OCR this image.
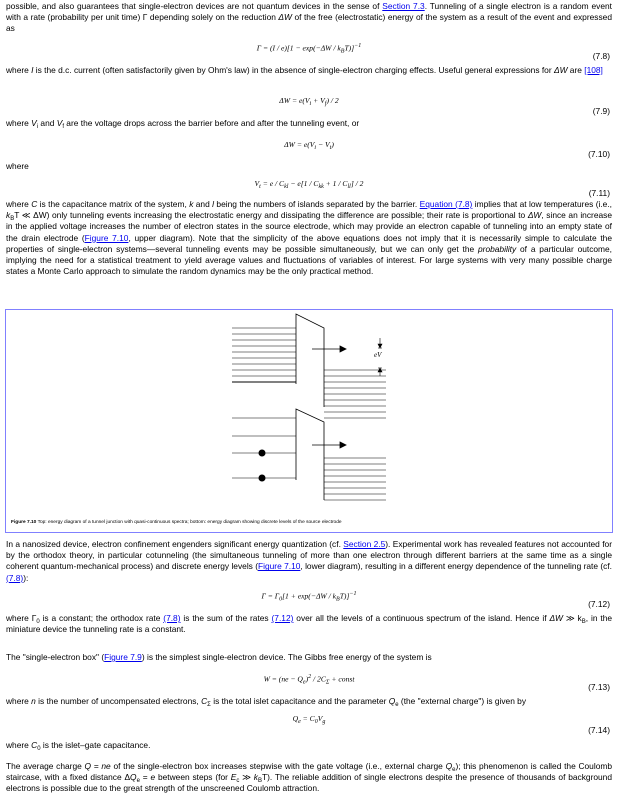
possible, and also guarantees that single-electron devices are not quantum devices in the sense of Section 7.3. Tunneling of a single electron is a random event with a rate (probability per unit time) Γ depending solely on the reduction ΔW of the free (electrostatic) energy of the system as a result of the event and expressed as
$\Gamma = (I / e)[1 - \exp(-\Delta W / k_BT)]^{-1}$
(7.8)
where I is the d.c. current (often satisfactorily given by Ohm's law) in the absence of single-electron charging effects. Useful general expressions for ΔW are [108]
$\Delta W = e(V_i + V_f) / 2$
(7.9)
where $V_i$ and $V_f$ are the voltage drops across the barrier before and after the tunneling event, or
$\Delta W = e(V_i - V_t)$
(7.10)
where
$V_t = e / C_{kl} - e[1 / C_{kk} + 1 / C_{ll}] / 2$
(7.11)
where C is the capacitance matrix of the system, k and l being the numbers of islands separated by the barrier. Equation (7.8) implies that at low temperatures (i.e., $k_BT$ ≪ ΔW) only tunneling events increasing the electrostatic energy and dissipating the difference are possible; their rate is proportional to ΔW, since an increase in the applied voltage increases the number of electron states in the source electrode, which may provide an electron capable of tunneling into an empty state of the drain electrode (Figure 7.10, upper diagram). Note that the simplicity of the above equations does not imply that it is necessarily simple to calculate the properties of single-electron systems—several tunneling events may be possible simultaneously, but we can only get the probability of a particular outcome, implying the need for a statistical treatment to yield average values and fluctuations of variables of interest. For large systems with very many possible charge states a Monte Carlo approach to simulate the random dynamics may be the only practical method.
eV
Figure 7.10 Top: energy diagram of a tunnel junction with quasi-continuous spectra; bottom: energy diagram showing discrete levels of the source electrode
In a nanosized device, electron confinement engenders significant energy quantization (cf. Section 2.5). Experimental work has revealed features not accounted for by the orthodox theory, in particular cotunneling (the simultaneous tunneling of more than one electron through different barriers at the same time as a single coherent quantum-mechanical process) and discrete energy levels (Figure 7.10, lower diagram), resulting in a different energy dependence of the tunneling rate (cf. (7.8)):
$\Gamma = \Gamma_0[1 + \exp(-\Delta W / k_BT)]^{-1}$
(7.12)
where $\Gamma_0$ is a constant; the orthodox rate (7.8) is the sum of the rates (7.12) over all the levels of a continuous spectrum of the island. Hence if ΔW ≫ $k_B$, in the miniature device the tunneling rate is a constant.
The "single-electron box" (Figure 7.9) is the simplest single-electron device. The Gibbs free energy of the system is
$W = (ne - Q_e)^2 / 2C_\Sigma$ + const
(7.13)
where n is the number of uncompensated electrons, $C_\Sigma$ is the total islet capacitance and the parameter $Q_e$ (the "external charge") is given by
$Q_e = C_0V_g$
(7.14)
where $C_0$ is the islet–gate capacitance.
The average charge Q = ne of the single-electron box increases stepwise with the gate voltage (i.e., external charge $Q_e$); this phenomenon is called the Coulomb staircase, with a fixed distance $\Delta Q_e = e$ between steps (for $E_c$ ≫ $k_BT$). The reliable addition of single electrons despite the presence of thousands of background electrons is possible due to the great strength of the unscreened Coulomb attraction.
